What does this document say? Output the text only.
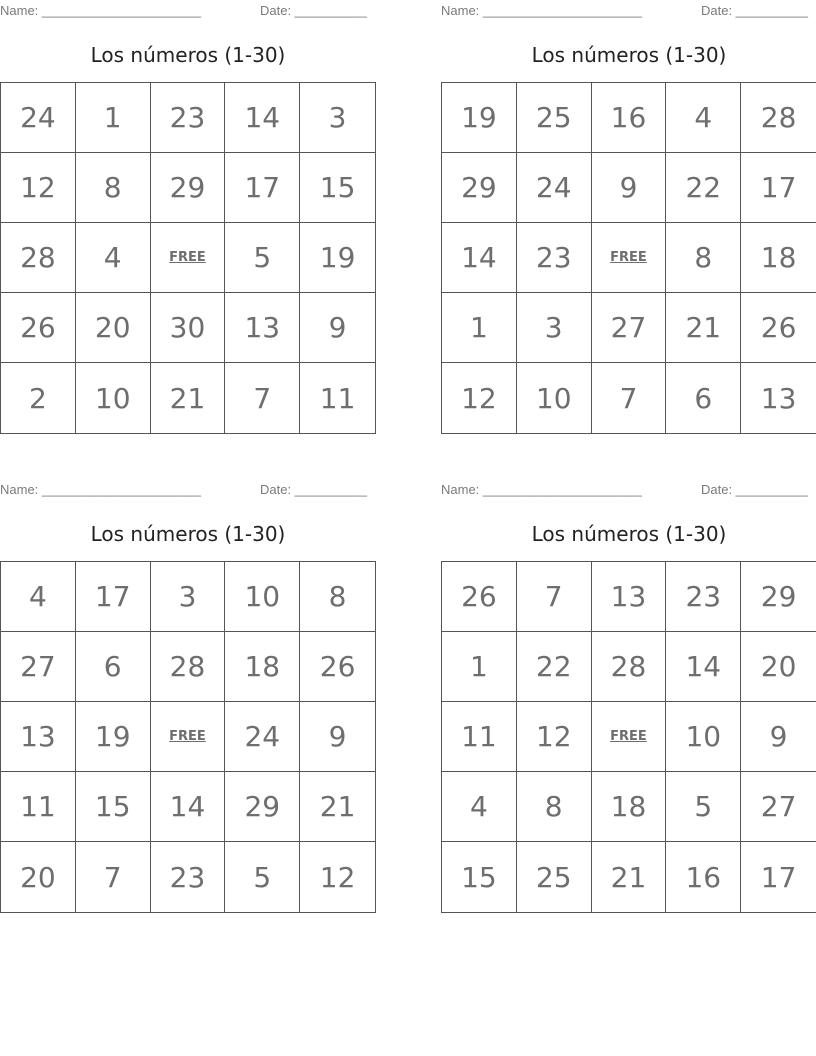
Name: ______________________	Date: __________
Los números (1-30)
24	1	23	14	3
12	8	29	17	15
28	4	FREE	5	19
26	20	30	13	9
2	10	21	7	11
Name: ______________________	Date: __________
Los números (1-30)
19	25	16	4	28
29	24	9	22	17
14	23	FREE	8	18
1	3	27	21	26
12	10	7	6	13
Name: ______________________	Date: __________
Los números (1-30)
4	17	3	10	8
27	6	28	18	26
13	19	FREE	24	9
11	15	14	29	21
20	7	23	5	12
Name: ______________________	Date: __________
Los números (1-30)
26	7	13	23	29
1	22	28	14	20
11	12	FREE	10	9
4	8	18	5	27
15	25	21	16	17
